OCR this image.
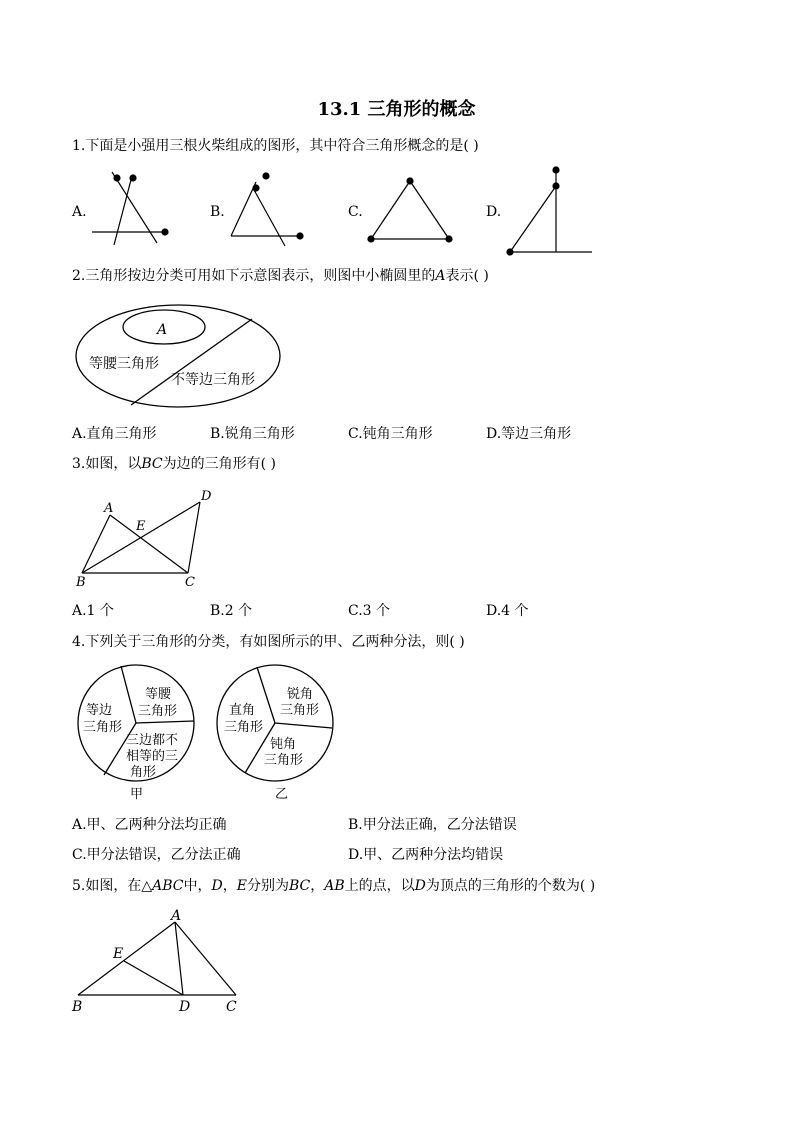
13.1 三角形的概念
1.下面是小强用三根火柴组成的图形，其中符合三角形概念的是( )
A.	B.	C.	D.
2.三角形按边分类可用如下示意图表示，则图中小椭圆里的A表示( )
A
等腰三角形
不等边三角形
A.直角三角形	B.锐角三角形	C.钝角三角形	D.等边三角形
3.如图，以BC为边的三角形有( )
A
D
E
B	C
A.1 个	B.2 个	C.3 个	D.4 个
4.下列关于三角形的分类，有如图所示的甲、乙两种分法，则( )
等边
三角形
等腰
三角形
三边都不
相等的三
角形
甲
直角
三角形
锐角
三角形
钝角
三角形
乙
A.甲、乙两种分法均正确	B.甲分法正确，乙分法错误
C.甲分法错误，乙分法正确	D.甲、乙两种分法均错误
5.如图，在△ABC中，D，E分别为BC，AB上的点，以D为顶点的三角形的个数为( )
A
E
B	D	C
